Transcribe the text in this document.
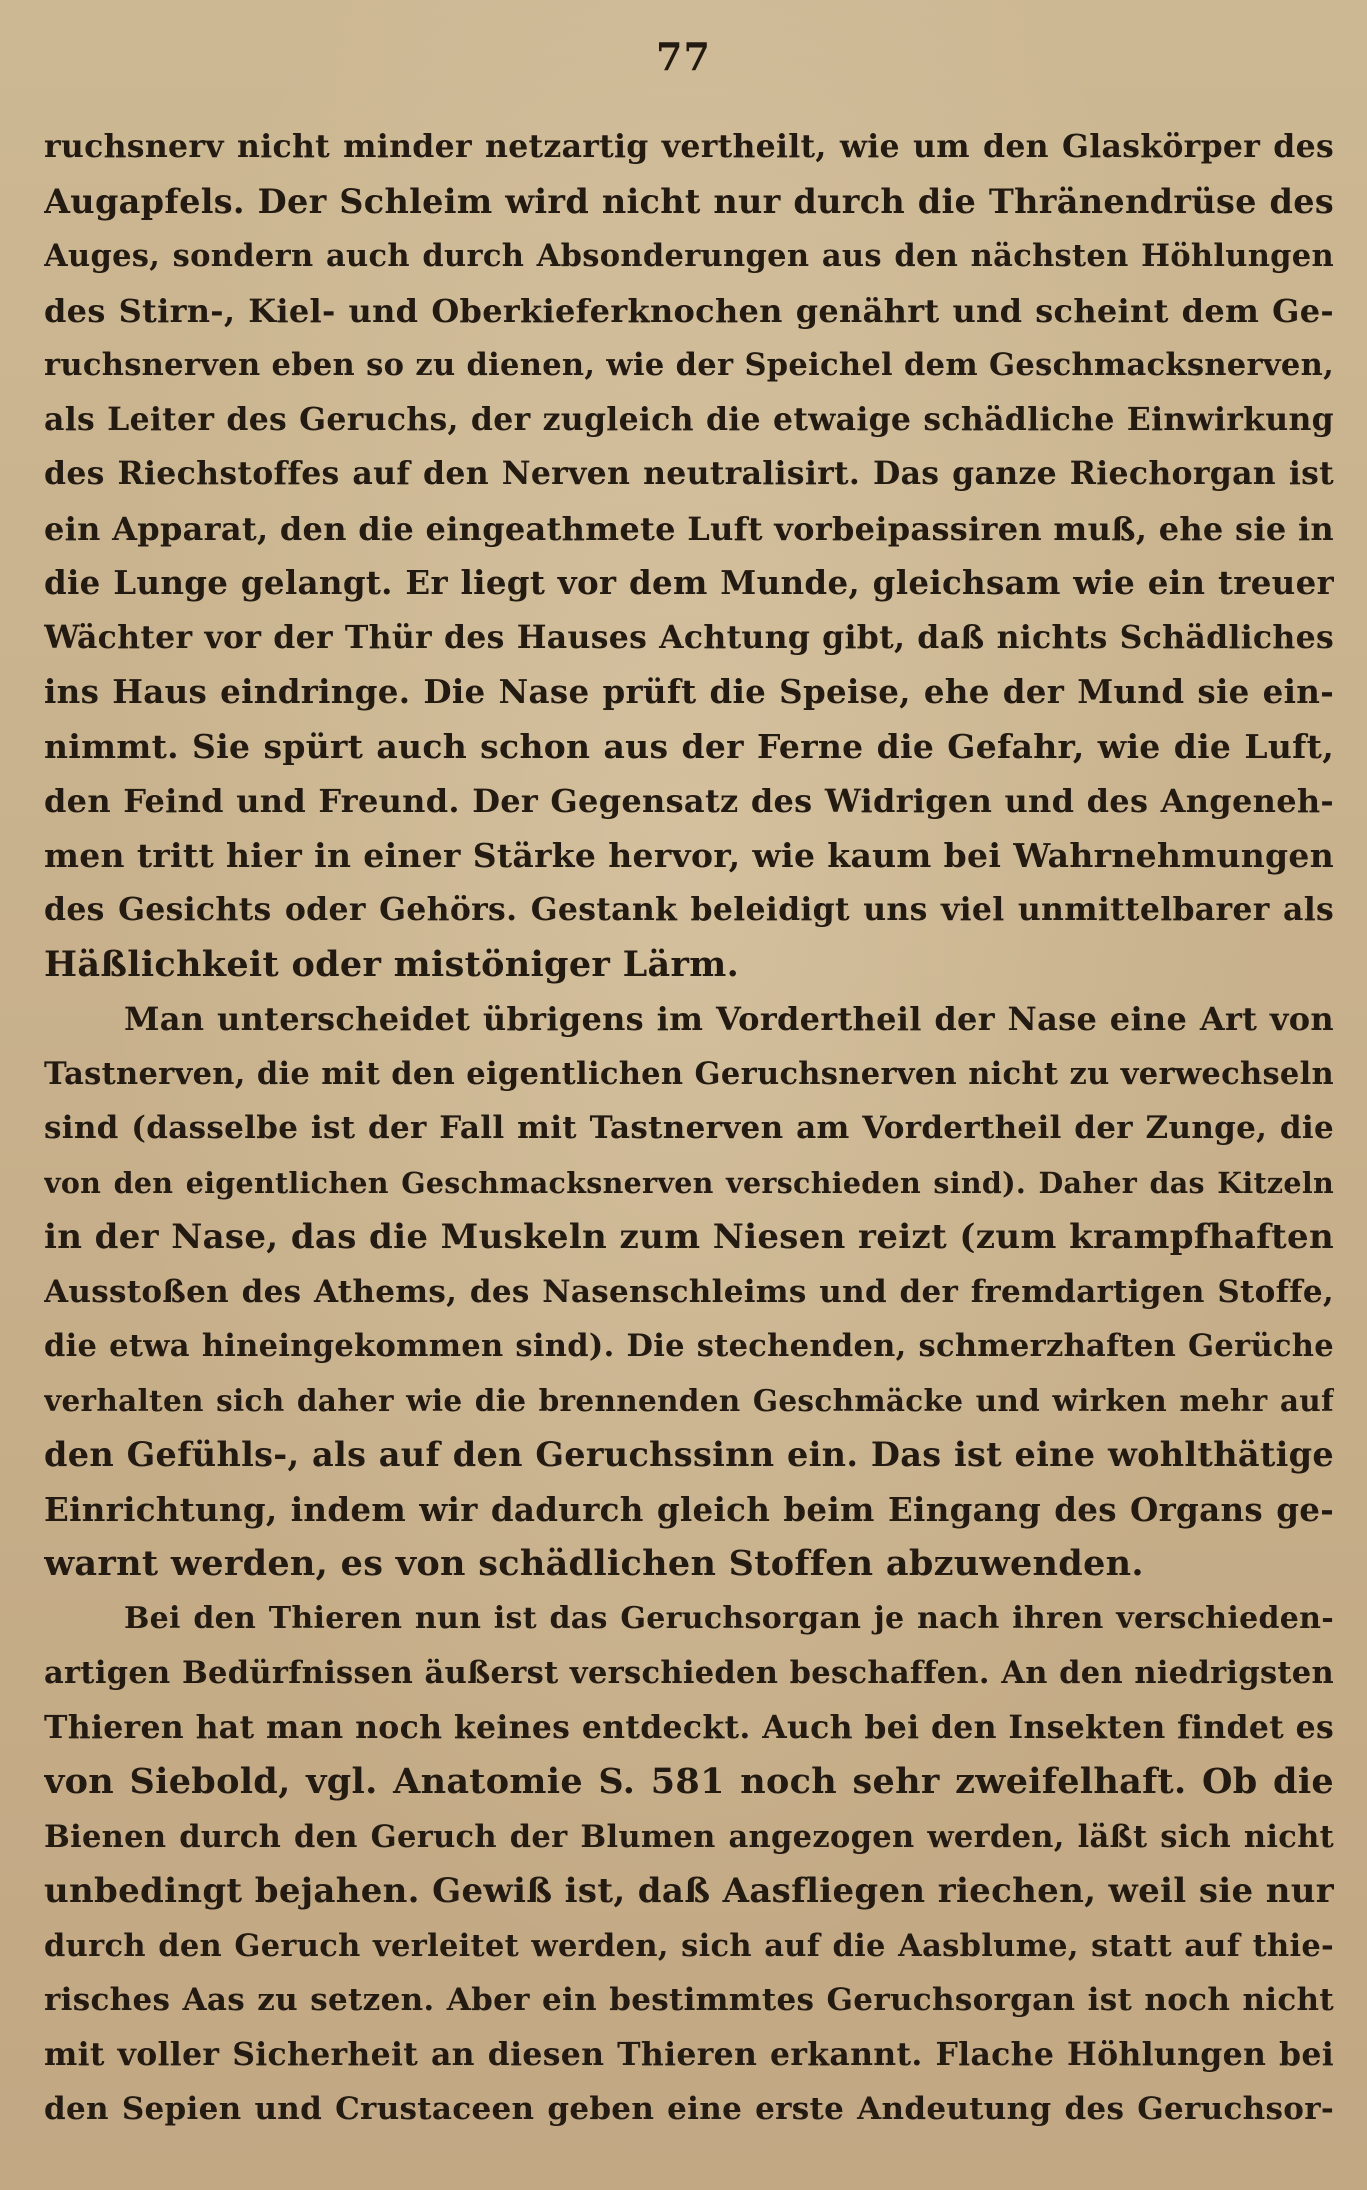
77
ruchsnerv nicht minder netzartig vertheilt, wie um den Glaskörper des
Augapfels. Der Schleim wird nicht nur durch die Thränendrüse des
Auges, sondern auch durch Absonderungen aus den nächsten Höhlungen
des Stirn-, Kiel- und Oberkieferknochen genährt und scheint dem Ge-
ruchsnerven eben so zu dienen, wie der Speichel dem Geschmacksnerven,
als Leiter des Geruchs, der zugleich die etwaige schädliche Einwirkung
des Riechstoffes auf den Nerven neutralisirt. Das ganze Riechorgan ist
ein Apparat, den die eingeathmete Luft vorbeipassiren muß, ehe sie in
die Lunge gelangt. Er liegt vor dem Munde, gleichsam wie ein treuer
Wächter vor der Thür des Hauses Achtung gibt, daß nichts Schädliches
ins Haus eindringe. Die Nase prüft die Speise, ehe der Mund sie ein-
nimmt. Sie spürt auch schon aus der Ferne die Gefahr, wie die Luft,
den Feind und Freund. Der Gegensatz des Widrigen und des Angeneh-
men tritt hier in einer Stärke hervor, wie kaum bei Wahrnehmungen
des Gesichts oder Gehörs. Gestank beleidigt uns viel unmittelbarer als
Häßlichkeit oder mistöniger Lärm.
Man unterscheidet übrigens im Vordertheil der Nase eine Art von
Tastnerven, die mit den eigentlichen Geruchsnerven nicht zu verwechseln
sind (dasselbe ist der Fall mit Tastnerven am Vordertheil der Zunge, die
von den eigentlichen Geschmacksnerven verschieden sind). Daher das Kitzeln
in der Nase, das die Muskeln zum Niesen reizt (zum krampfhaften
Ausstoßen des Athems, des Nasenschleims und der fremdartigen Stoffe,
die etwa hineingekommen sind). Die stechenden, schmerzhaften Gerüche
verhalten sich daher wie die brennenden Geschmäcke und wirken mehr auf
den Gefühls-, als auf den Geruchssinn ein. Das ist eine wohlthätige
Einrichtung, indem wir dadurch gleich beim Eingang des Organs ge-
warnt werden, es von schädlichen Stoffen abzuwenden.
Bei den Thieren nun ist das Geruchsorgan je nach ihren verschieden-
artigen Bedürfnissen äußerst verschieden beschaffen. An den niedrigsten
Thieren hat man noch keines entdeckt. Auch bei den Insekten findet es
von Siebold, vgl. Anatomie S. 581 noch sehr zweifelhaft. Ob die
Bienen durch den Geruch der Blumen angezogen werden, läßt sich nicht
unbedingt bejahen. Gewiß ist, daß Aasfliegen riechen, weil sie nur
durch den Geruch verleitet werden, sich auf die Aasblume, statt auf thie-
risches Aas zu setzen. Aber ein bestimmtes Geruchsorgan ist noch nicht
mit voller Sicherheit an diesen Thieren erkannt. Flache Höhlungen bei
den Sepien und Crustaceen geben eine erste Andeutung des Geruchsor-
